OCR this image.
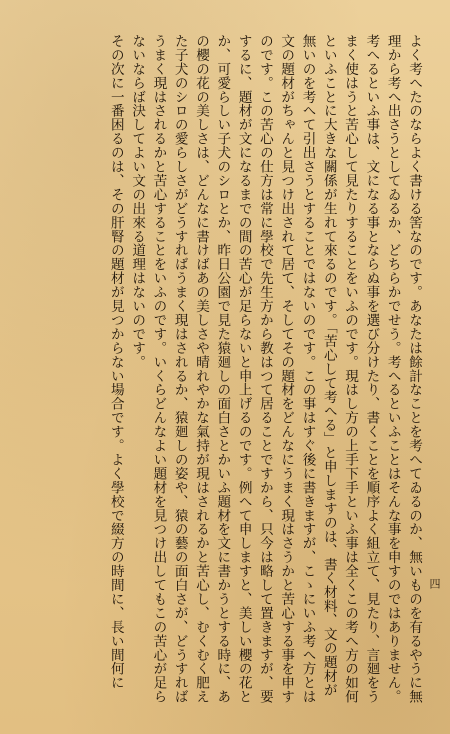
よく考へたのならよく書ける筈なのです。あなたは餘計なことを考へてゐるのか、無いものを有るやうに無理から考へ出さうとしてゐるか、どちらかでせう。考へるといふことはそんな事を申すのではありません。

考へるといふ事は、文になる事とならぬ事を選び分けたり、書くことを順序よく組立て、見たり、言廻をうまく使はうと苦心して見たりすることをいふのです。現はし方の上手下手といふ事は全くこの考へ方の如何といふことに大きな關係が生れて來るのです。「苦心して考へる」と申しますのは、書く材料、文の題材が無いのを考へて引出さうとすることではないのです。この事はすぐ後に書きますが、こゝにいふ考へ方とは文の題材がちゃんと見つけ出されて居て、そしてその題材をどんなにうまく現はさうかと苦心する事を申すのです。この苦心の仕方は常に學校で先生方から教はつて居ることですから、只今は略して置きますが、要するに、題材が文になるまでの間の苦心が足らないと申上げるのです。例へて申しますと、美しい櫻の花とか、可愛らしい子犬のシロとか、昨日公園で見た猿廻しの面白さとかいふ題材を文に書かうとする時に、あの櫻の花の美しさは、どんなに書けばあの美しさや晴れやかな氣持が現はされるかと苦心し、むくむく肥えた子犬のシロの愛らしさがどうすればうまく現はされるか、猿廻しの姿や、猿の藝の面白さが、どうすればうまく現はされるかと苦心することをいふのです。いくらどんなよい題材を見つけ出してもこの苦心が足らないならば決してよい文の出來る道理はないのです。

その次に一番困るのは、その肝腎の題材が見つからない場合です。よく學校で綴方の時間に、長い間何に	四
